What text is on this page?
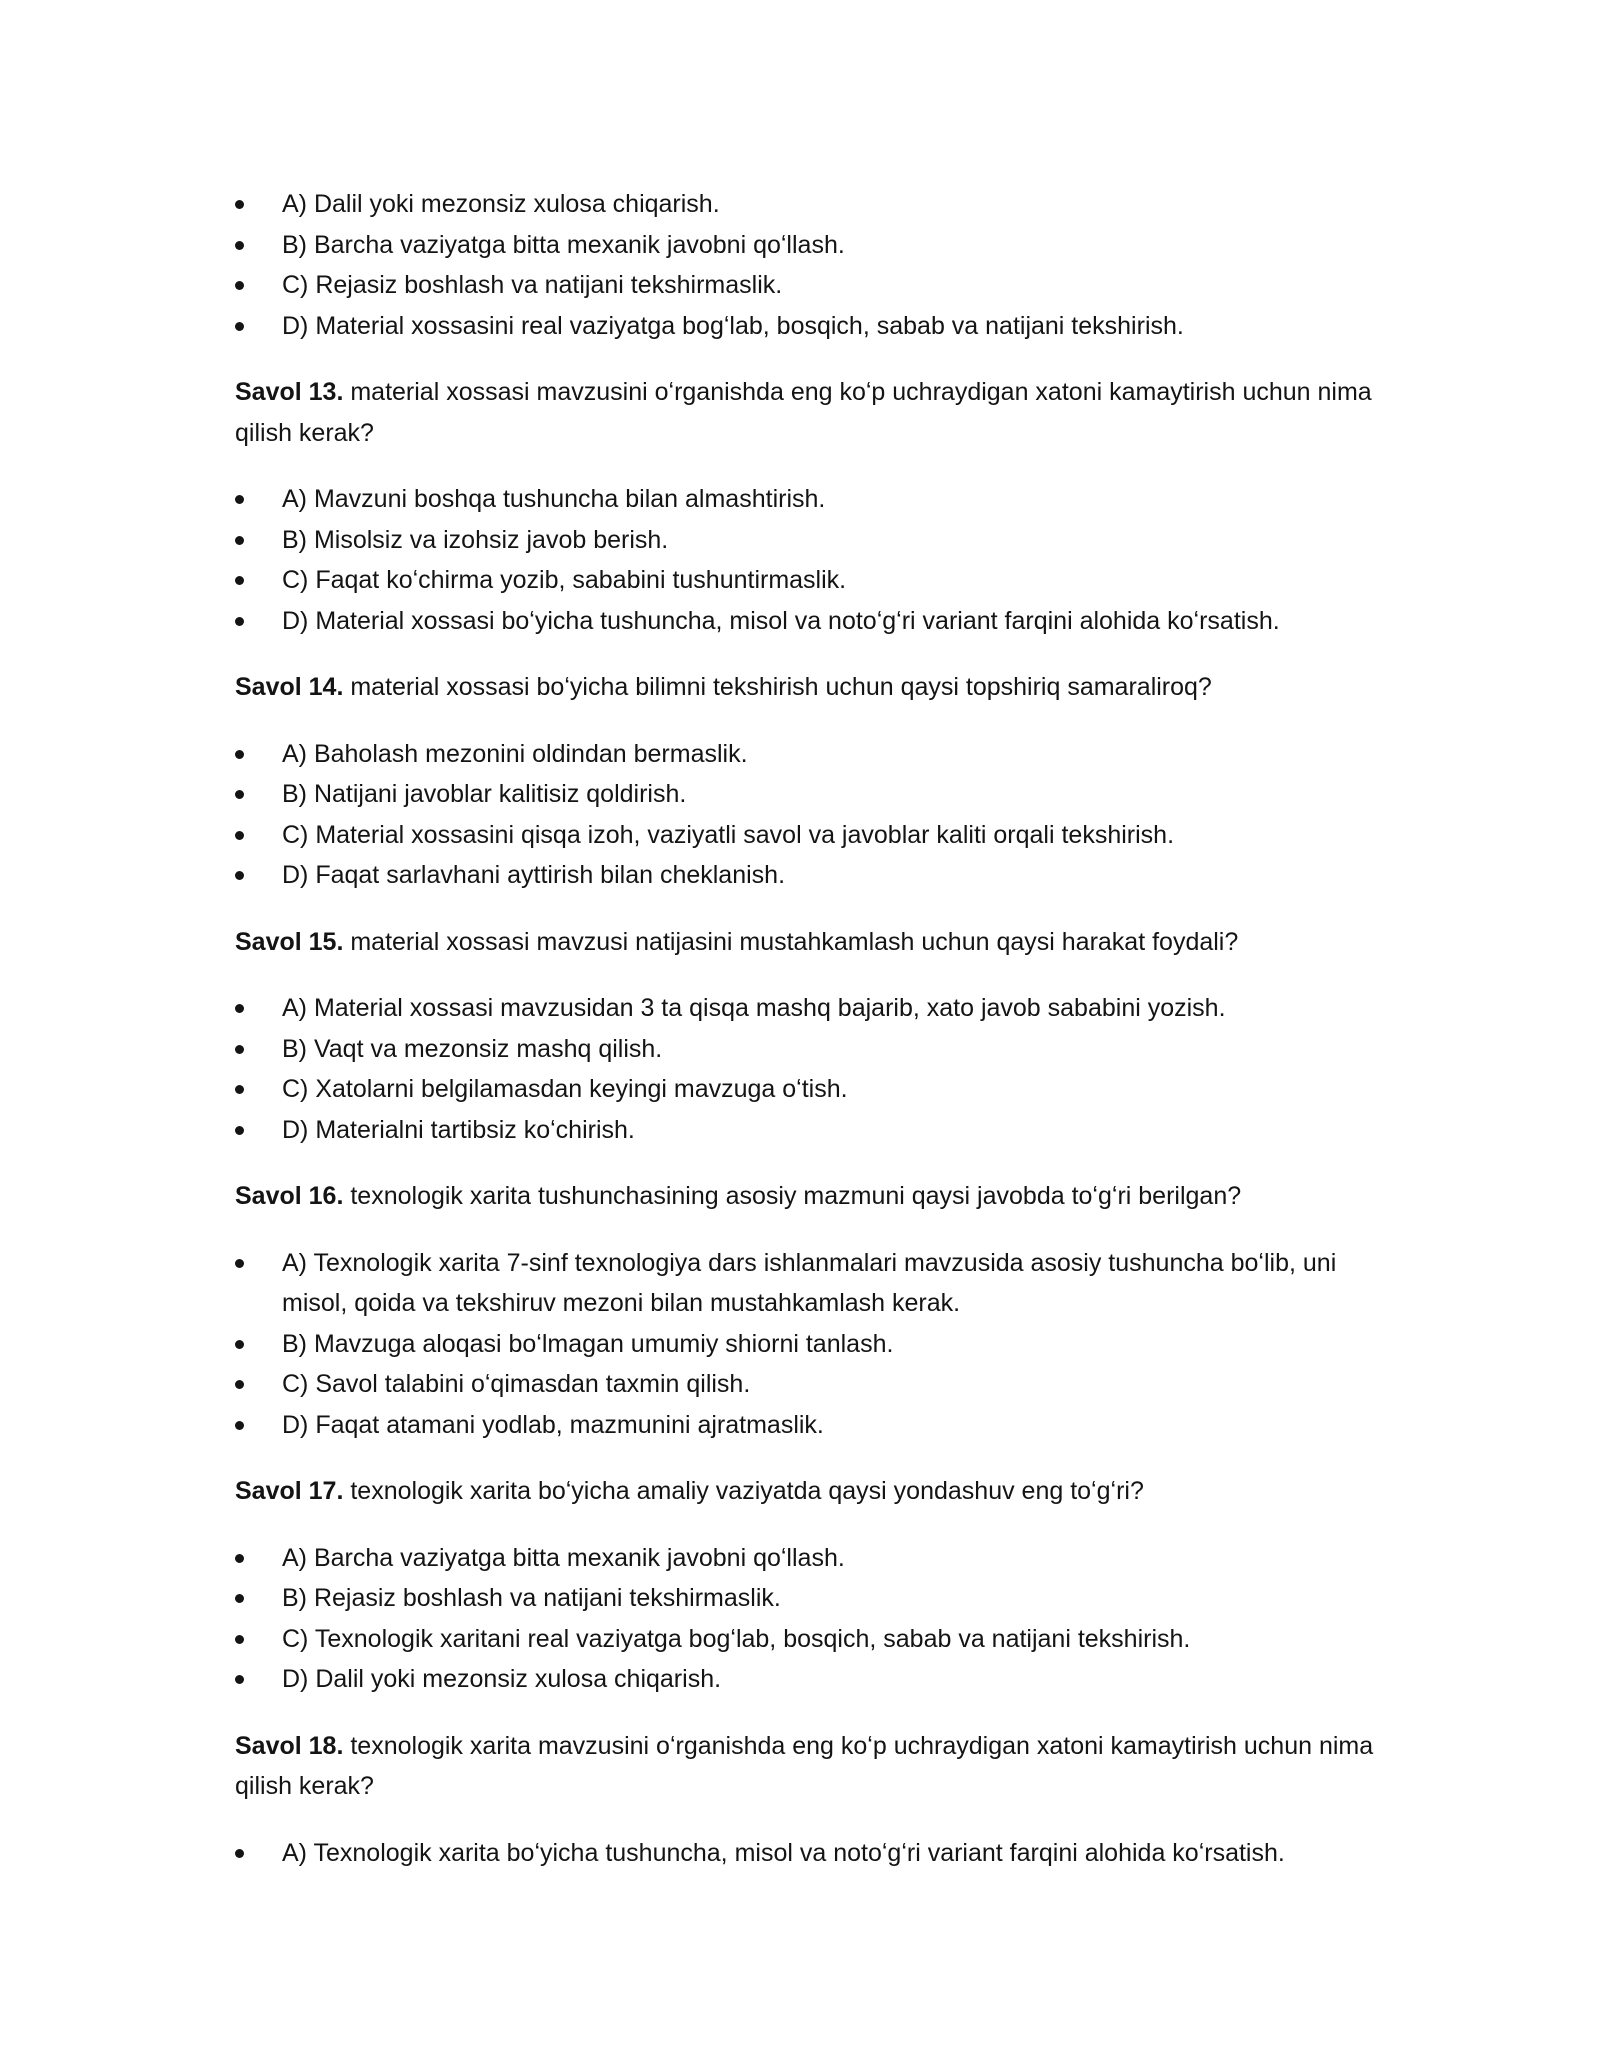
A) Dalil yoki mezonsiz xulosa chiqarish.
B) Barcha vaziyatga bitta mexanik javobni qoʻllash.
C) Rejasiz boshlash va natijani tekshirmaslik.
D) Material xossasini real vaziyatga bogʻlab, bosqich, sabab va natijani tekshirish.

Savol 13. material xossasi mavzusini oʻrganishda eng koʻp uchraydigan xatoni kamaytirish uchun nima qilish kerak?

A) Mavzuni boshqa tushuncha bilan almashtirish.
B) Misolsiz va izohsiz javob berish.
C) Faqat koʻchirma yozib, sababini tushuntirmaslik.
D) Material xossasi boʻyicha tushuncha, misol va notoʻgʻri variant farqini alohida koʻrsatish.

Savol 14. material xossasi boʻyicha bilimni tekshirish uchun qaysi topshiriq samaraliroq?

A) Baholash mezonini oldindan bermaslik.
B) Natijani javoblar kalitisiz qoldirish.
C) Material xossasini qisqa izoh, vaziyatli savol va javoblar kaliti orqali tekshirish.
D) Faqat sarlavhani ayttirish bilan cheklanish.

Savol 15. material xossasi mavzusi natijasini mustahkamlash uchun qaysi harakat foydali?

A) Material xossasi mavzusidan 3 ta qisqa mashq bajarib, xato javob sababini yozish.
B) Vaqt va mezonsiz mashq qilish.
C) Xatolarni belgilamasdan keyingi mavzuga oʻtish.
D) Materialni tartibsiz koʻchirish.

Savol 16. texnologik xarita tushunchasining asosiy mazmuni qaysi javobda toʻgʻri berilgan?

A) Texnologik xarita 7-sinf texnologiya dars ishlanmalari mavzusida asosiy tushuncha boʻlib, uni misol, qoida va tekshiruv mezoni bilan mustahkamlash kerak.
B) Mavzuga aloqasi boʻlmagan umumiy shiorni tanlash.
C) Savol talabini oʻqimasdan taxmin qilish.
D) Faqat atamani yodlab, mazmunini ajratmaslik.

Savol 17. texnologik xarita boʻyicha amaliy vaziyatda qaysi yondashuv eng toʻgʻri?

A) Barcha vaziyatga bitta mexanik javobni qoʻllash.
B) Rejasiz boshlash va natijani tekshirmaslik.
C) Texnologik xaritani real vaziyatga bogʻlab, bosqich, sabab va natijani tekshirish.
D) Dalil yoki mezonsiz xulosa chiqarish.

Savol 18. texnologik xarita mavzusini oʻrganishda eng koʻp uchraydigan xatoni kamaytirish uchun nima qilish kerak?

A) Texnologik xarita boʻyicha tushuncha, misol va notoʻgʻri variant farqini alohida koʻrsatish.
